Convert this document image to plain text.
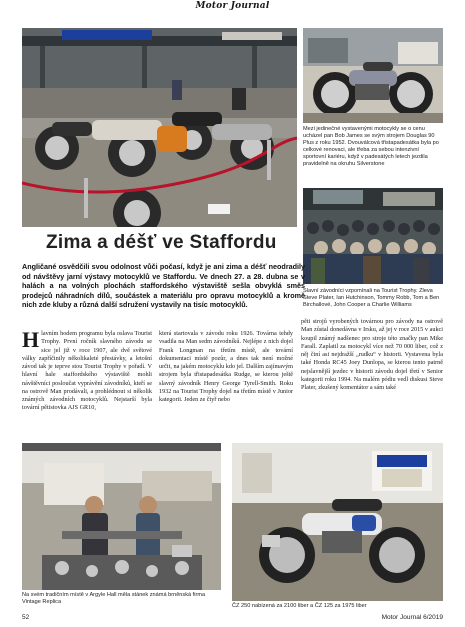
Motor Journal
Mezi jedinečné vystavenými motocykly se o cenu ucházel pan Bob James se svým strojem Douglas 90 Plus z roku 1952. Dvouválcová třistapadesátka byla po celkové renovaci, ale třeba za sebou intenzivní sportovní kariéru, když v padesátých letech jezdila pravidelně na okruhu Silverstone
Slavní závodníci vzpomínali na Tourist Trophy. Zleva Steve Plater, Ian Hutchinson, Tommy Robb, Tom a Ben Birchallové, John Cooper a Charlie Williams
Zima a déšť ve Staffordu
Angličané osvědčili svou odolnost vůči počasí, když je ani zima a déšť neodradily od návštěvy jarní výstavy motocyklů ve Staffordu. Ve dnech 27. a 28. dubna se v halách a na volných plochách staffordského výstaviště sešla obvyklá směs prodejců náhradních dílů, součástek a materiálu pro opravu motocyklů a kromě nich zde kluby a různá další sdružení vystavily na tisíc motocyklů.
Hlavním hodem programu byla oslava Tourist Trophy. První ročník slavného závodu se sice jel již v roce 1907, ale dvě světové války zapříčinily několikaleté přestávky, a letošní závod tak je teprve stou Tourist Trophy v pořadí. V hlavní hale staffordského výstaviště mohli návštěvníci posloučat vyprávění závodníků, kteří se na ostrově Man prodávali, a prohlédnout si několik známých závodních motocyklů. Nejstarší byla tovární pětistovka AJS GR10,
která startovala v závodu roku 1926. Továrna tehdy vsadila na Man sedm závodníků. Nejlépe z nich dojel Frank Longman na třetím místě, ale tovární dokumentaci místě pozůr, a dnes tak není možné určit, na jakém motocyklu kdo jel. Dalším zajímavým strojem byla třistapadesátka Rudge, se kterou ještě slavný závodník Henry George Tyrell-Smith. Roku 1932 na Tourist Trophy dojel na třetím místě v Junior kategorii. Jeden ze čtyř nebo
pěti strojů vyrobených továrnou pro závody na ostrově Man zůstal donedávna v Irsku, až jej v roce 2015 v aukci koupil známý nadšenec pro stroje této značky pan Mike Farall. Zaplatil za motocykl více než 70 000 liber, což z něj činí asi nejdražší „rudku“ v historii. Vystavena byla také Honda RC45 Joey Dunlopa, se kterou tento patrně nejslavnější jezdec v historii závodu dojel třetí v Senior kategorii roku 1994. Na malém pódiu vedl diskusi Steve Plater, zkušený komentátor a sám také
Na svém tradičním místě v Argyle Hall měla stánek známá brněnská firma Vintage Replica
ČZ 250 nabízená za 2100 liber a ČZ 125 za 1975 liber
52	Motor Journal 6/2019
